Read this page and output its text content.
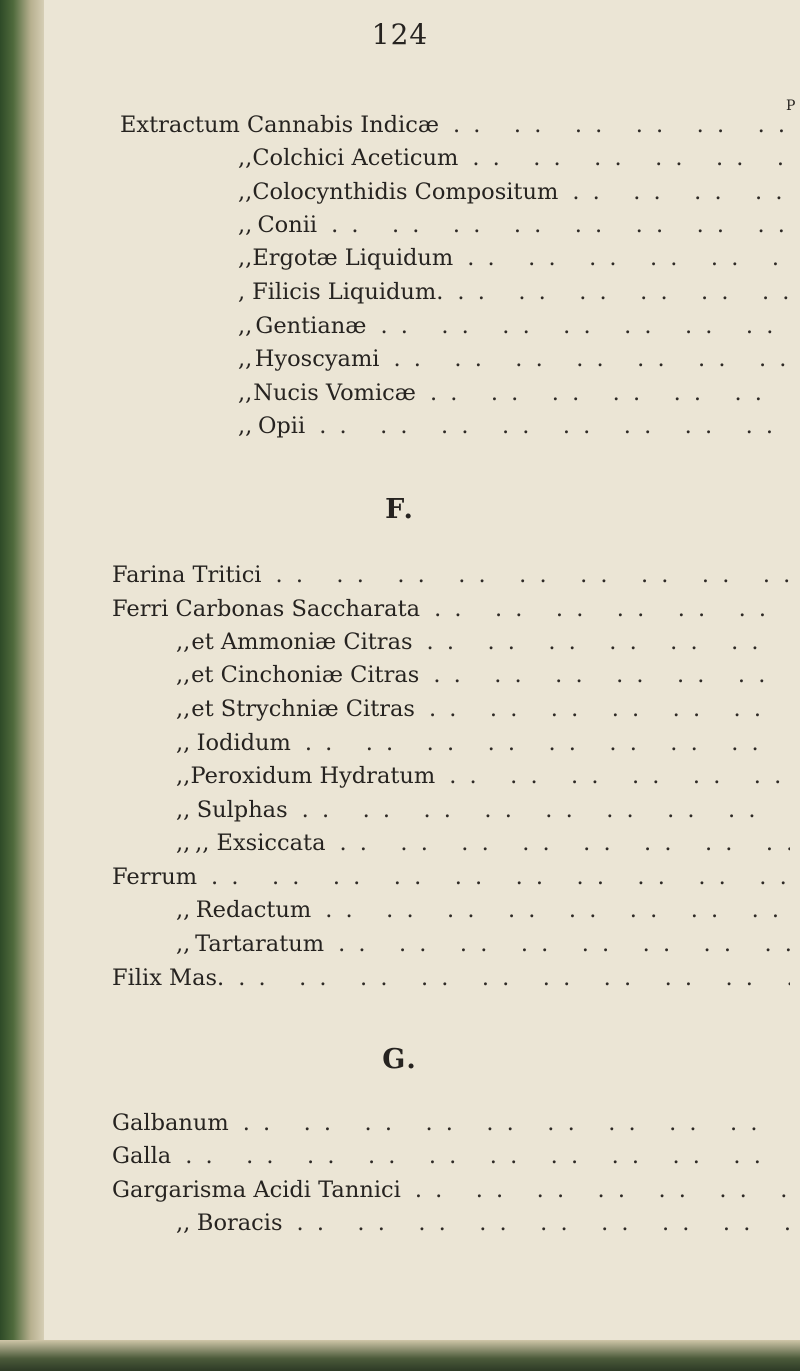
124
P
Extractum Cannabis Indicæ
. .
,, Colchici Aceticum
. .
,, Colocynthidis Compositum
. .
,, Conii
. .
,, Ergotæ Liquidum
. .
, Filicis Liquidum.
. .
,, Gentianæ
. .
,, Hyoscyami
. .
,, Nucis Vomicæ
. .
,, Opii
. .
F.
Farina Tritici
. .
Ferri Carbonas Saccharata
. .
,, et Ammoniæ Citras
. .
,, et Cinchoniæ Citras
. .
,, et Strychniæ Citras
. .
,, Iodidum
. .
,, Peroxidum Hydratum
. .
,, Sulphas
. .
,, ,, Exsiccata
. .
Ferrum
. .
,, Redactum
. .
,, Tartaratum
. .
Filix Mas.
. .
G.
Galbanum
. .
Galla
. .
Gargarisma Acidi Tannici
. .
,, Boracis
. .
